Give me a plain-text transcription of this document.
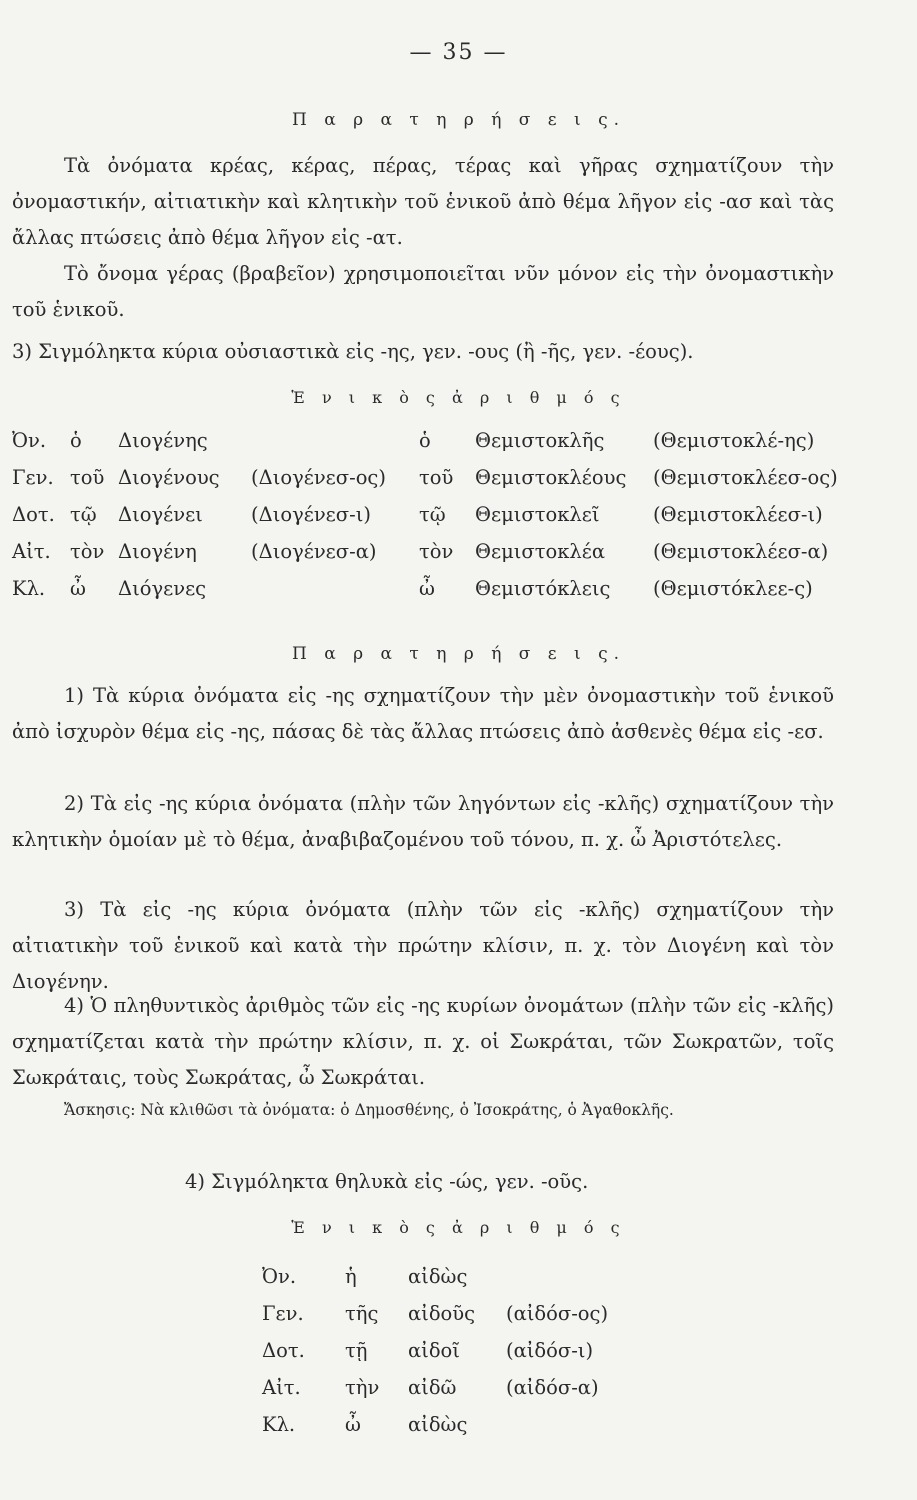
— 35 —
Π α ρ α τ η ρ ή σ ε ι ς.
Τὰ ὀνόματα κρέας, κέρας, πέρας, τέρας καὶ γῆρας σχηματίζουν τὴν ὀνομαστικήν, αἰτιατικὴν καὶ κλητικὴν τοῦ ἑνικοῦ ἀπὸ θέμα λῆγον εἰς -ασ καὶ τὰς ἄλλας πτώσεις ἀπὸ θέμα λῆγον εἰς -ατ.
Τὸ ὄνομα γέρας (βραβεῖον) χρησιμοποιεῖται νῦν μόνον εἰς τὴν ὀνομαστικὴν τοῦ ἑνικοῦ.
3) Σιγμόληκτα κύρια οὐσιαστικὰ εἰς -ης, γεν. -ους (ἢ -ῆς, γεν. -έους).
Ἑ ν ι κ ὸ ς ἀ ρ ι θ μ ό ς
Ὀν.	ὁ	Διογένης		ὁ	Θεμιστοκλῆς	(Θεμιστοκλέ-ης)
Γεν.	τοῦ	Διογένους	(Διογένεσ-ος)	τοῦ	Θεμιστοκλέους	(Θεμιστοκλέεσ-ος)
Δοτ.	τῷ	Διογένει	(Διογένεσ-ι)	τῷ	Θεμιστοκλεῖ	(Θεμιστοκλέεσ-ι)
Αἰτ.	τὸν	Διογένη	(Διογένεσ-α)	τὸν	Θεμιστοκλέα	(Θεμιστοκλέεσ-α)
Κλ.	ὦ	Διόγενες		ὦ	Θεμιστόκλεις	(Θεμιστόκλεε-ς)
Π α ρ α τ η ρ ή σ ε ι ς.
1) Τὰ κύρια ὀνόματα εἰς -ης σχηματίζουν τὴν μὲν ὀνομαστικὴν τοῦ ἑνικοῦ ἀπὸ ἰσχυρὸν θέμα εἰς -ης, πάσας δὲ τὰς ἄλλας πτώσεις ἀπὸ ἀσθενὲς θέμα εἰς -εσ.
2) Τὰ εἰς -ης κύρια ὀνόματα (πλὴν τῶν ληγόντων εἰς -κλῆς) σχηματίζουν τὴν κλητικὴν ὁμοίαν μὲ τὸ θέμα, ἀναβιβαζομένου τοῦ τόνου, π. χ. ὦ Ἀριστότελες.
3) Τὰ εἰς -ης κύρια ὀνόματα (πλὴν τῶν εἰς -κλῆς) σχηματίζουν τὴν αἰτιατικὴν τοῦ ἑνικοῦ καὶ κατὰ τὴν πρώτην κλίσιν, π. χ. τὸν Διογένη καὶ τὸν Διογένην.
4) Ὁ πληθυντικὸς ἀριθμὸς τῶν εἰς -ης κυρίων ὀνομάτων (πλὴν τῶν εἰς -κλῆς) σχηματίζεται κατὰ τὴν πρώτην κλίσιν, π. χ. οἱ Σωκράται, τῶν Σωκρατῶν, τοῖς Σωκράταις, τοὺς Σωκράτας, ὦ Σωκράται.
Ἄσκησις: Νὰ κλιθῶσι τὰ ὀνόματα: ὁ Δημοσθένης, ὁ Ἰσοκράτης, ὁ Ἀγαθοκλῆς.
4) Σιγμόληκτα θηλυκὰ εἰς -ώς, γεν. -οῦς.
Ἑ ν ι κ ὸ ς ἀ ρ ι θ μ ό ς
Ὀν.	ἡ	αἰδὼς	
Γεν.	τῆς	αἰδοῦς	(αἰδόσ-ος)
Δοτ.	τῇ	αἰδοῖ	(αἰδόσ-ι)
Αἰτ.	τὴν	αἰδῶ	(αἰδόσ-α)
Κλ.	ὦ	αἰδὼς	
